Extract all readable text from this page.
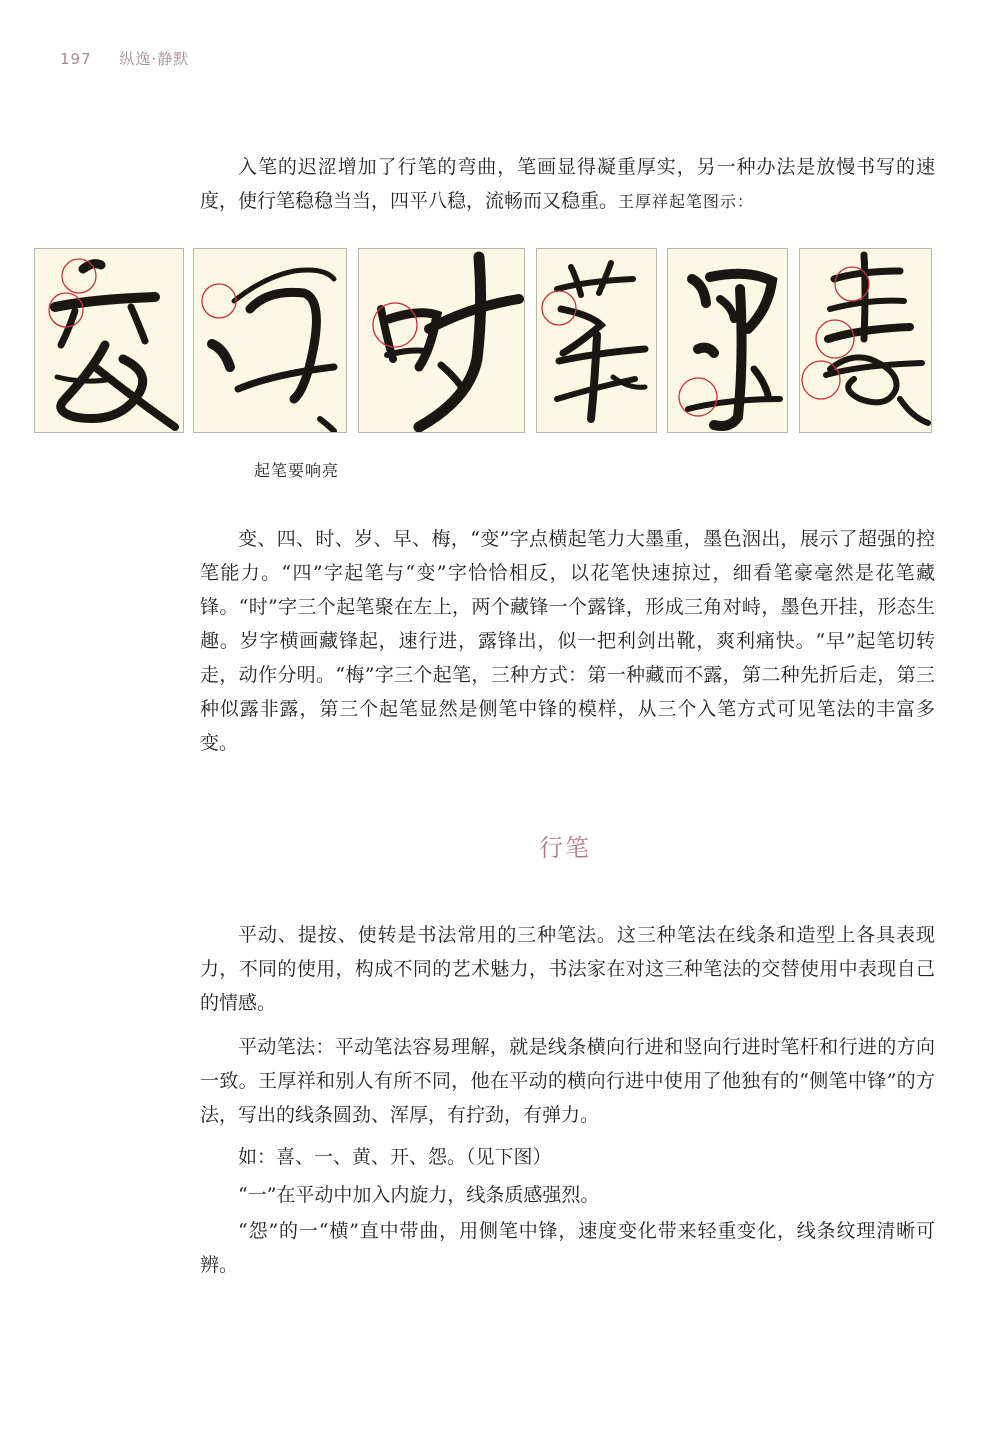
197 纵逸·静默

入笔的迟涩增加了行笔的弯曲，笔画显得凝重厚实，另一种办法是放慢书写的速度，使行笔稳稳当当，四平八稳，流畅而又稳重。王厚祥起笔图示：

起笔要响亮

变、四、时、岁、早、梅，“变”字点横起笔力大墨重，墨色洇出，展示了超强的控笔能力。“四”字起笔与“变”字恰恰相反，以花笔快速掠过，细看笔豪毫然是花笔藏锋。“时”字三个起笔聚在左上，两个藏锋一个露锋，形成三角对峙，墨色开挂，形态生趣。岁字横画藏锋起，速行进，露锋出，似一把利剑出靴，爽利痛快。“早”起笔切转走，动作分明。“梅”字三个起笔，三种方式：第一种藏而不露，第二种先折后走，第三种似露非露，第三个起笔显然是侧笔中锋的模样，从三个入笔方式可见笔法的丰富多变。

行笔

平动、提按、使转是书法常用的三种笔法。这三种笔法在线条和造型上各具表现力，不同的使用，构成不同的艺术魅力，书法家在对这三种笔法的交替使用中表现自己的情感。

平动笔法：平动笔法容易理解，就是线条横向行进和竖向行进时笔杆和行进的方向一致。王厚祥和别人有所不同，他在平动的横向行进中使用了他独有的“侧笔中锋”的方法，写出的线条圆劲、浑厚，有拧劲，有弹力。

如：喜、一、黄、开、怨。（见下图）

“一”在平动中加入内旋力，线条质感强烈。

“怨”的一“横”直中带曲，用侧笔中锋，速度变化带来轻重变化，线条纹理清晰可辨。
